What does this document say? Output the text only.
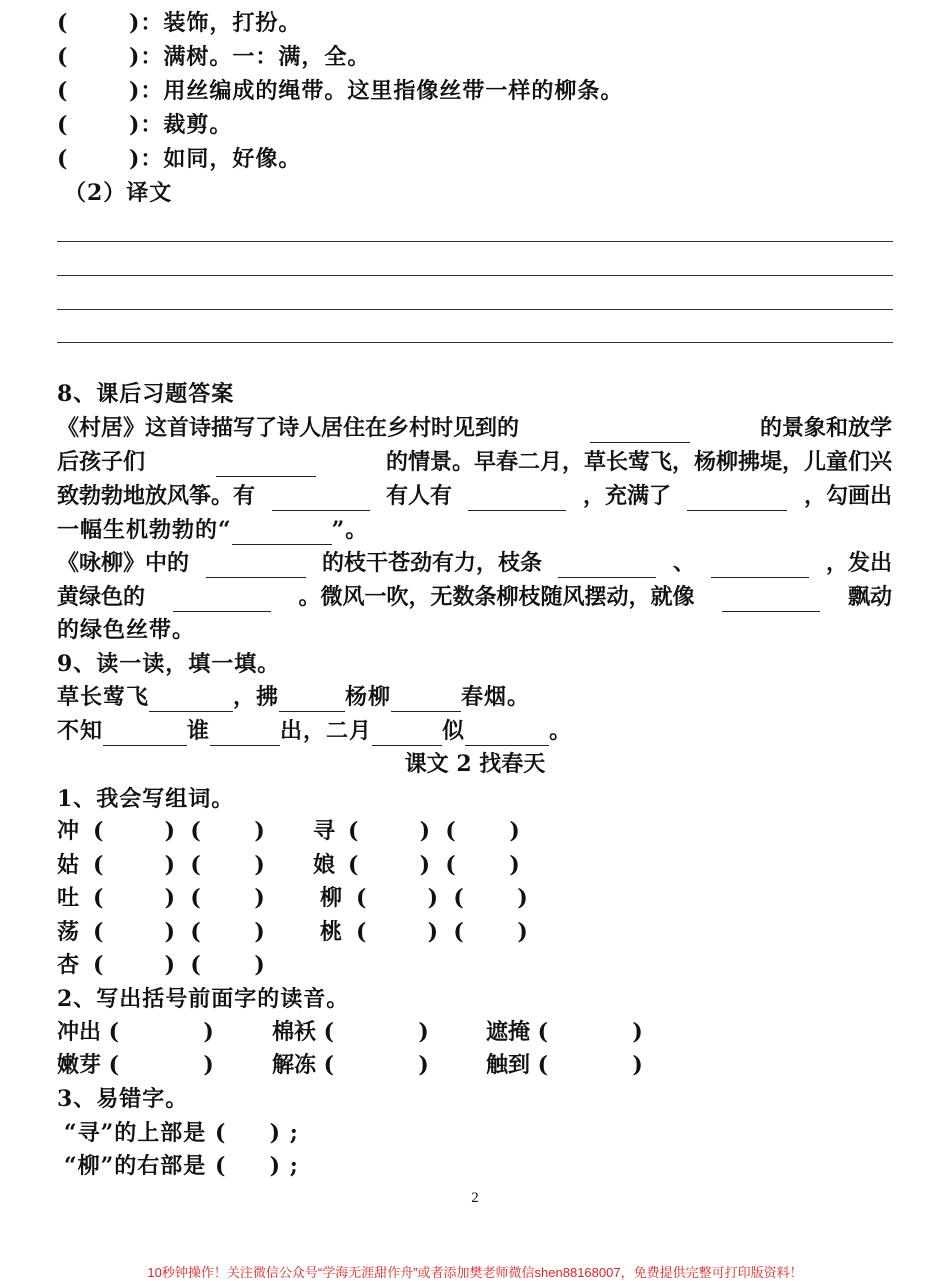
(       )：装饰，打扮。
(       )：满树。一：满，全。
(       )：用丝编成的绳带。这里指像丝带一样的柳条。
(       )：裁剪。
(       )：如同，好像。
（2）译文
8、课后习题答案
《村居》这首诗描写了诗人居住在乡村时见到的	的景象和放学
后孩子们	的情景。早春二月，草长莺飞，杨柳拂堤，儿童们兴
致勃勃地放风筝。有	有人有	，充满了	，勾画出
一幅生机勃勃的“	”。
《咏柳》中的	的枝干苍劲有力，枝条	、	，发出
黄绿色的	。微风一吹，无数条柳枝随风摆动，就像	飘动
的绿色丝带。
9、读一读，填一填。
草长莺飞	，拂	杨柳	春烟。
不知	谁	出，二月	似	。
课文 2 找春天
1、我会写组词。
冲 (        )  (       ) 寻 (        )  (       )
姑 (        )  (       ) 娘 (        )  (       )
吐 (        )  (       )	柳 (        )  (       )
荡 (        )  (       )	桃 (        )  (       )
杏 (        )  (       )
2、写出括号前面字的读音。
冲出 (           )	棉袄 (           )	遮掩 (           )
嫩芽 (           )	解冻 (           )	触到 (           )
3、易错字。
“寻”的上部是 (     ) ;
“柳”的右部是 (     ) ;
2
10秒钟操作！关注微信公众号“学海无涯甜作舟”或者添加樊老师微信shen88168007，免费提供完整可打印版资料！
